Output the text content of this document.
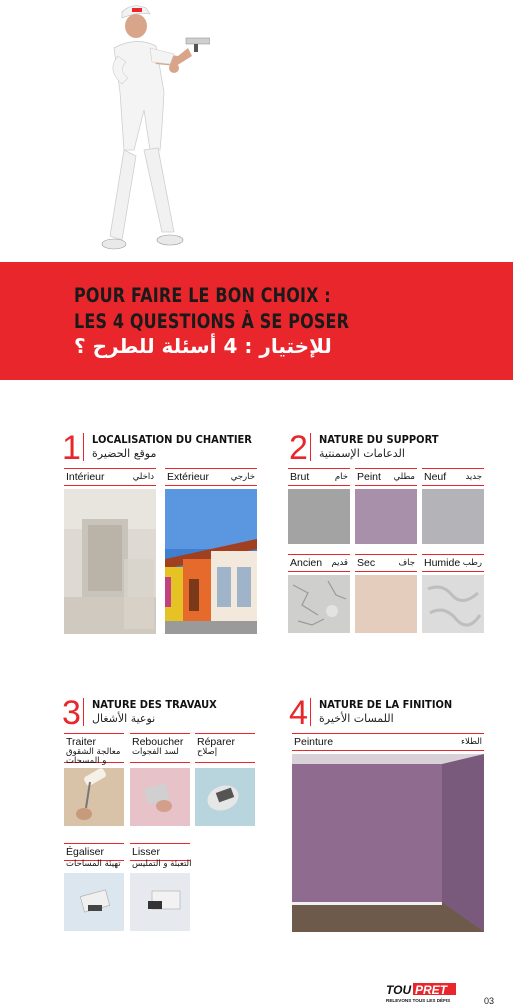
POUR FAIRE LE BON CHOIX :
LES 4 QUESTIONS À SE POSER
للإختيار : 4 أسئلة للطرح ؟
1 LOCALISATION DU CHANTIER
موقع الحضيرة
Intérieur	داخلي Extérieur	خارجي
2 NATURE DU SUPPORT
الدعامات الإسمنتية
Brut	خام Peint مطلي Neuf جديد
Ancien قديم Sec	جاف Humide رطب
3 NATURE DES TRAVAUX
نوعية الأشغال
Traiter
معالجة الشقوق و المسحات
Reboucher
لسد الفجوات
Réparer
إصلاح
Égaliser
تهيئة المساحات
Lisser
التعبئة و التمليس
4 NATURE DE LA FINITION
اللمسات الأخيرة
Peinture	الطلاء
TOU PRET
RELEVONS TOUS LES DÉFIS	03
